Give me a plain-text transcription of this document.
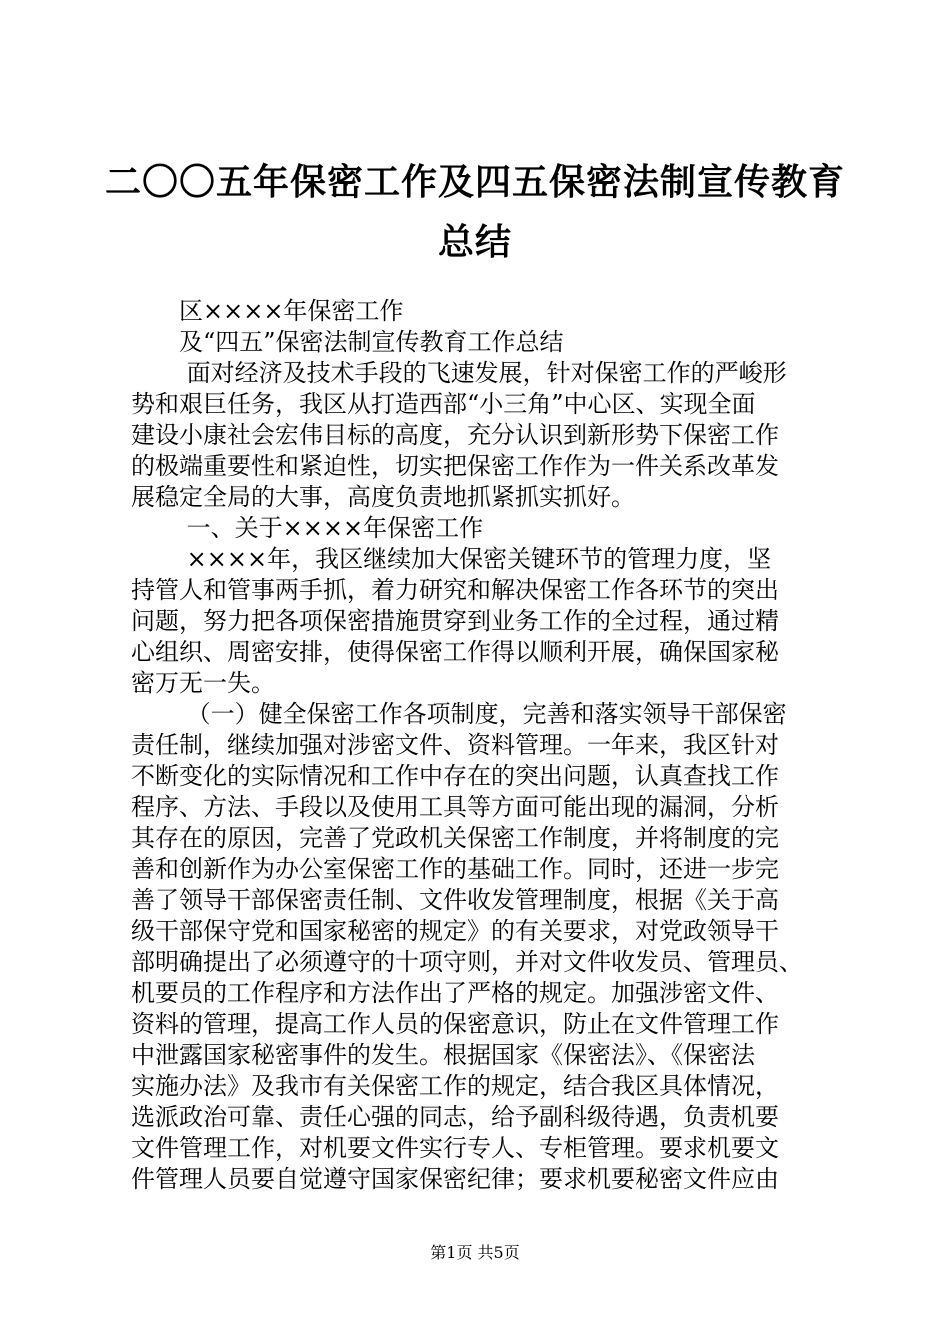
二〇〇五年保密工作及四五保密法制宣传教育
总结
　　区××××年保密工作
　　及“四五”保密法制宣传教育工作总结
　　 面对经济及技术手段的飞速发展，针对保密工作的严峻形
势和艰巨任务，我区从打造西部“小三角”中心区、实现全面
建设小康社会宏伟目标的高度，充分认识到新形势下保密工作
的极端重要性和紧迫性，切实把保密工作作为一件关系改革发
展稳定全局的大事，高度负责地抓紧抓实抓好。
　　 一、关于××××年保密工作
　　 ××××年，我区继续加大保密关键环节的管理力度，坚
持管人和管事两手抓，着力研究和解决保密工作各环节的突出
问题，努力把各项保密措施贯穿到业务工作的全过程，通过精
心组织、周密安排，使得保密工作得以顺利开展，确保国家秘
密万无一失。
　　 （一）健全保密工作各项制度，完善和落实领导干部保密
责任制，继续加强对涉密文件、资料管理。一年来，我区针对
不断变化的实际情况和工作中存在的突出问题，认真查找工作
程序、方法、手段以及使用工具等方面可能出现的漏洞，分析
其存在的原因，完善了党政机关保密工作制度，并将制度的完
善和创新作为办公室保密工作的基础工作。同时，还进一步完
善了领导干部保密责任制、文件收发管理制度，根据《关于高
级干部保守党和国家秘密的规定》的有关要求，对党政领导干
部明确提出了必须遵守的十项守则，并对文件收发员、管理员、
机要员的工作程序和方法作出了严格的规定。加强涉密文件、
资料的管理，提高工作人员的保密意识，防止在文件管理工作
中泄露国家秘密事件的发生。根据国家《保密法》、《保密法
实施办法》及我市有关保密工作的规定，结合我区具体情况，
选派政治可靠、责任心强的同志，给予副科级待遇，负责机要
文件管理工作，对机要文件实行专人、专柜管理。要求机要文
件管理人员要自觉遵守国家保密纪律；要求机要秘密文件应由
第1页 共5页
